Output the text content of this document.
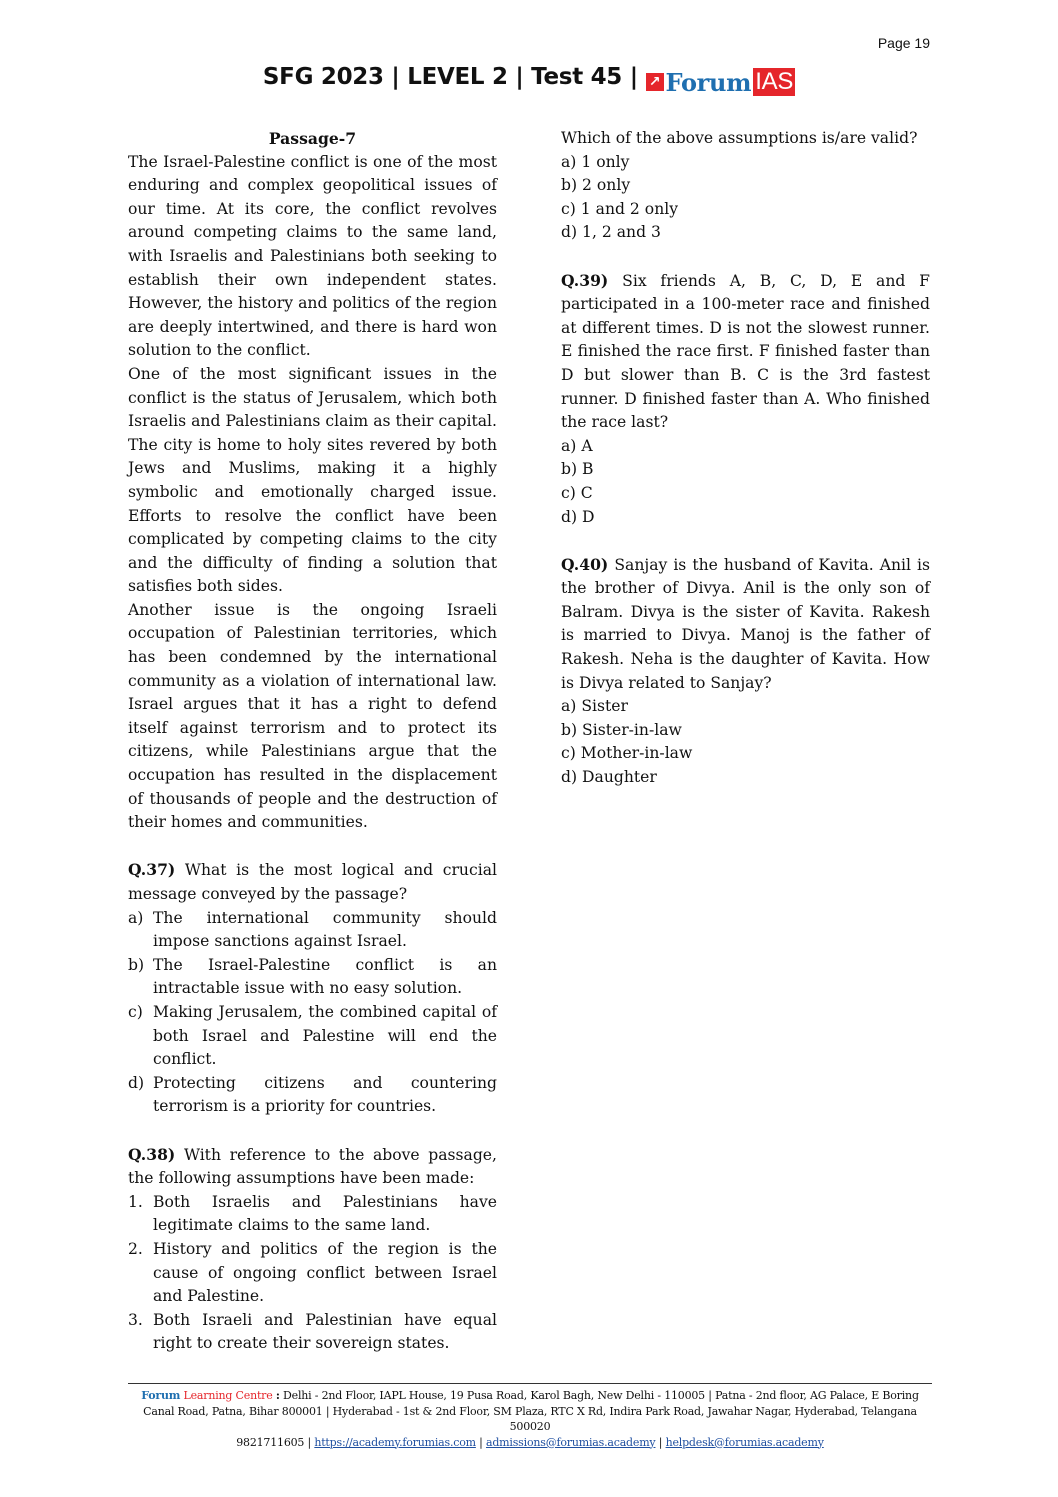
Page 19
SFG 2023 | LEVEL 2 | Test 45 | ↗ Forum IAS

Passage-7

The Israel-Palestine conflict is one of the most enduring and complex geopolitical issues of our time. At its core, the conflict revolves around competing claims to the same land, with Israelis and Palestinians both seeking to establish their own independent states. However, the history and politics of the region are deeply intertwined, and there is hard won solution to the conflict.

One of the most significant issues in the conflict is the status of Jerusalem, which both Israelis and Palestinians claim as their capital. The city is home to holy sites revered by both Jews and Muslims, making it a highly symbolic and emotionally charged issue. Efforts to resolve the conflict have been complicated by competing claims to the city and the difficulty of finding a solution that satisfies both sides.

Another issue is the ongoing Israeli occupation of Palestinian territories, which has been condemned by the international community as a violation of international law. Israel argues that it has a right to defend itself against terrorism and to protect its citizens, while Palestinians argue that the occupation has resulted in the displacement of thousands of people and the destruction of their homes and communities.

Q.37) What is the most logical and crucial message conveyed by the passage?

a) The international community should impose sanctions against Israel.
b) The Israel-Palestine conflict is an intractable issue with no easy solution.
c) Making Jerusalem, the combined capital of both Israel and Palestine will end the conflict.
d) Protecting citizens and countering terrorism is a priority for countries.

Q.38) With reference to the above passage, the following assumptions have been made:

1. Both Israelis and Palestinians have legitimate claims to the same land.
2. History and politics of the region is the cause of ongoing conflict between Israel and Palestine.
3. Both Israeli and Palestinian have equal right to create their sovereign states.

Which of the above assumptions is/are valid?

a) 1 only

b) 2 only

c) 1 and 2 only

d) 1, 2 and 3

Q.39) Six friends A, B, C, D, E and F participated in a 100-meter race and finished at different times. D is not the slowest runner. E finished the race first. F finished faster than D but slower than B. C is the 3rd fastest runner. D finished faster than A. Who finished the race last?

a) A

b) B

c) C

d) D

Q.40) Sanjay is the husband of Kavita. Anil is the brother of Divya. Anil is the only son of Balram. Divya is the sister of Kavita. Rakesh is married to Divya. Manoj is the father of Rakesh. Neha is the daughter of Kavita. How is Divya related to Sanjay?

a) Sister

b) Sister-in-law

c) Mother-in-law

d) Daughter

Forum Learning Centre : Delhi - 2nd Floor, IAPL House, 19 Pusa Road, Karol Bagh, New Delhi - 110005 | Patna - 2nd floor, AG Palace, E Boring Canal Road, Patna, Bihar 800001 | Hyderabad - 1st & 2nd Floor, SM Plaza, RTC X Rd, Indira Park Road, Jawahar Nagar, Hyderabad, Telangana 500020
9821711605 | https://academy.forumias.com | admissions@forumias.academy | helpdesk@forumias.academy
